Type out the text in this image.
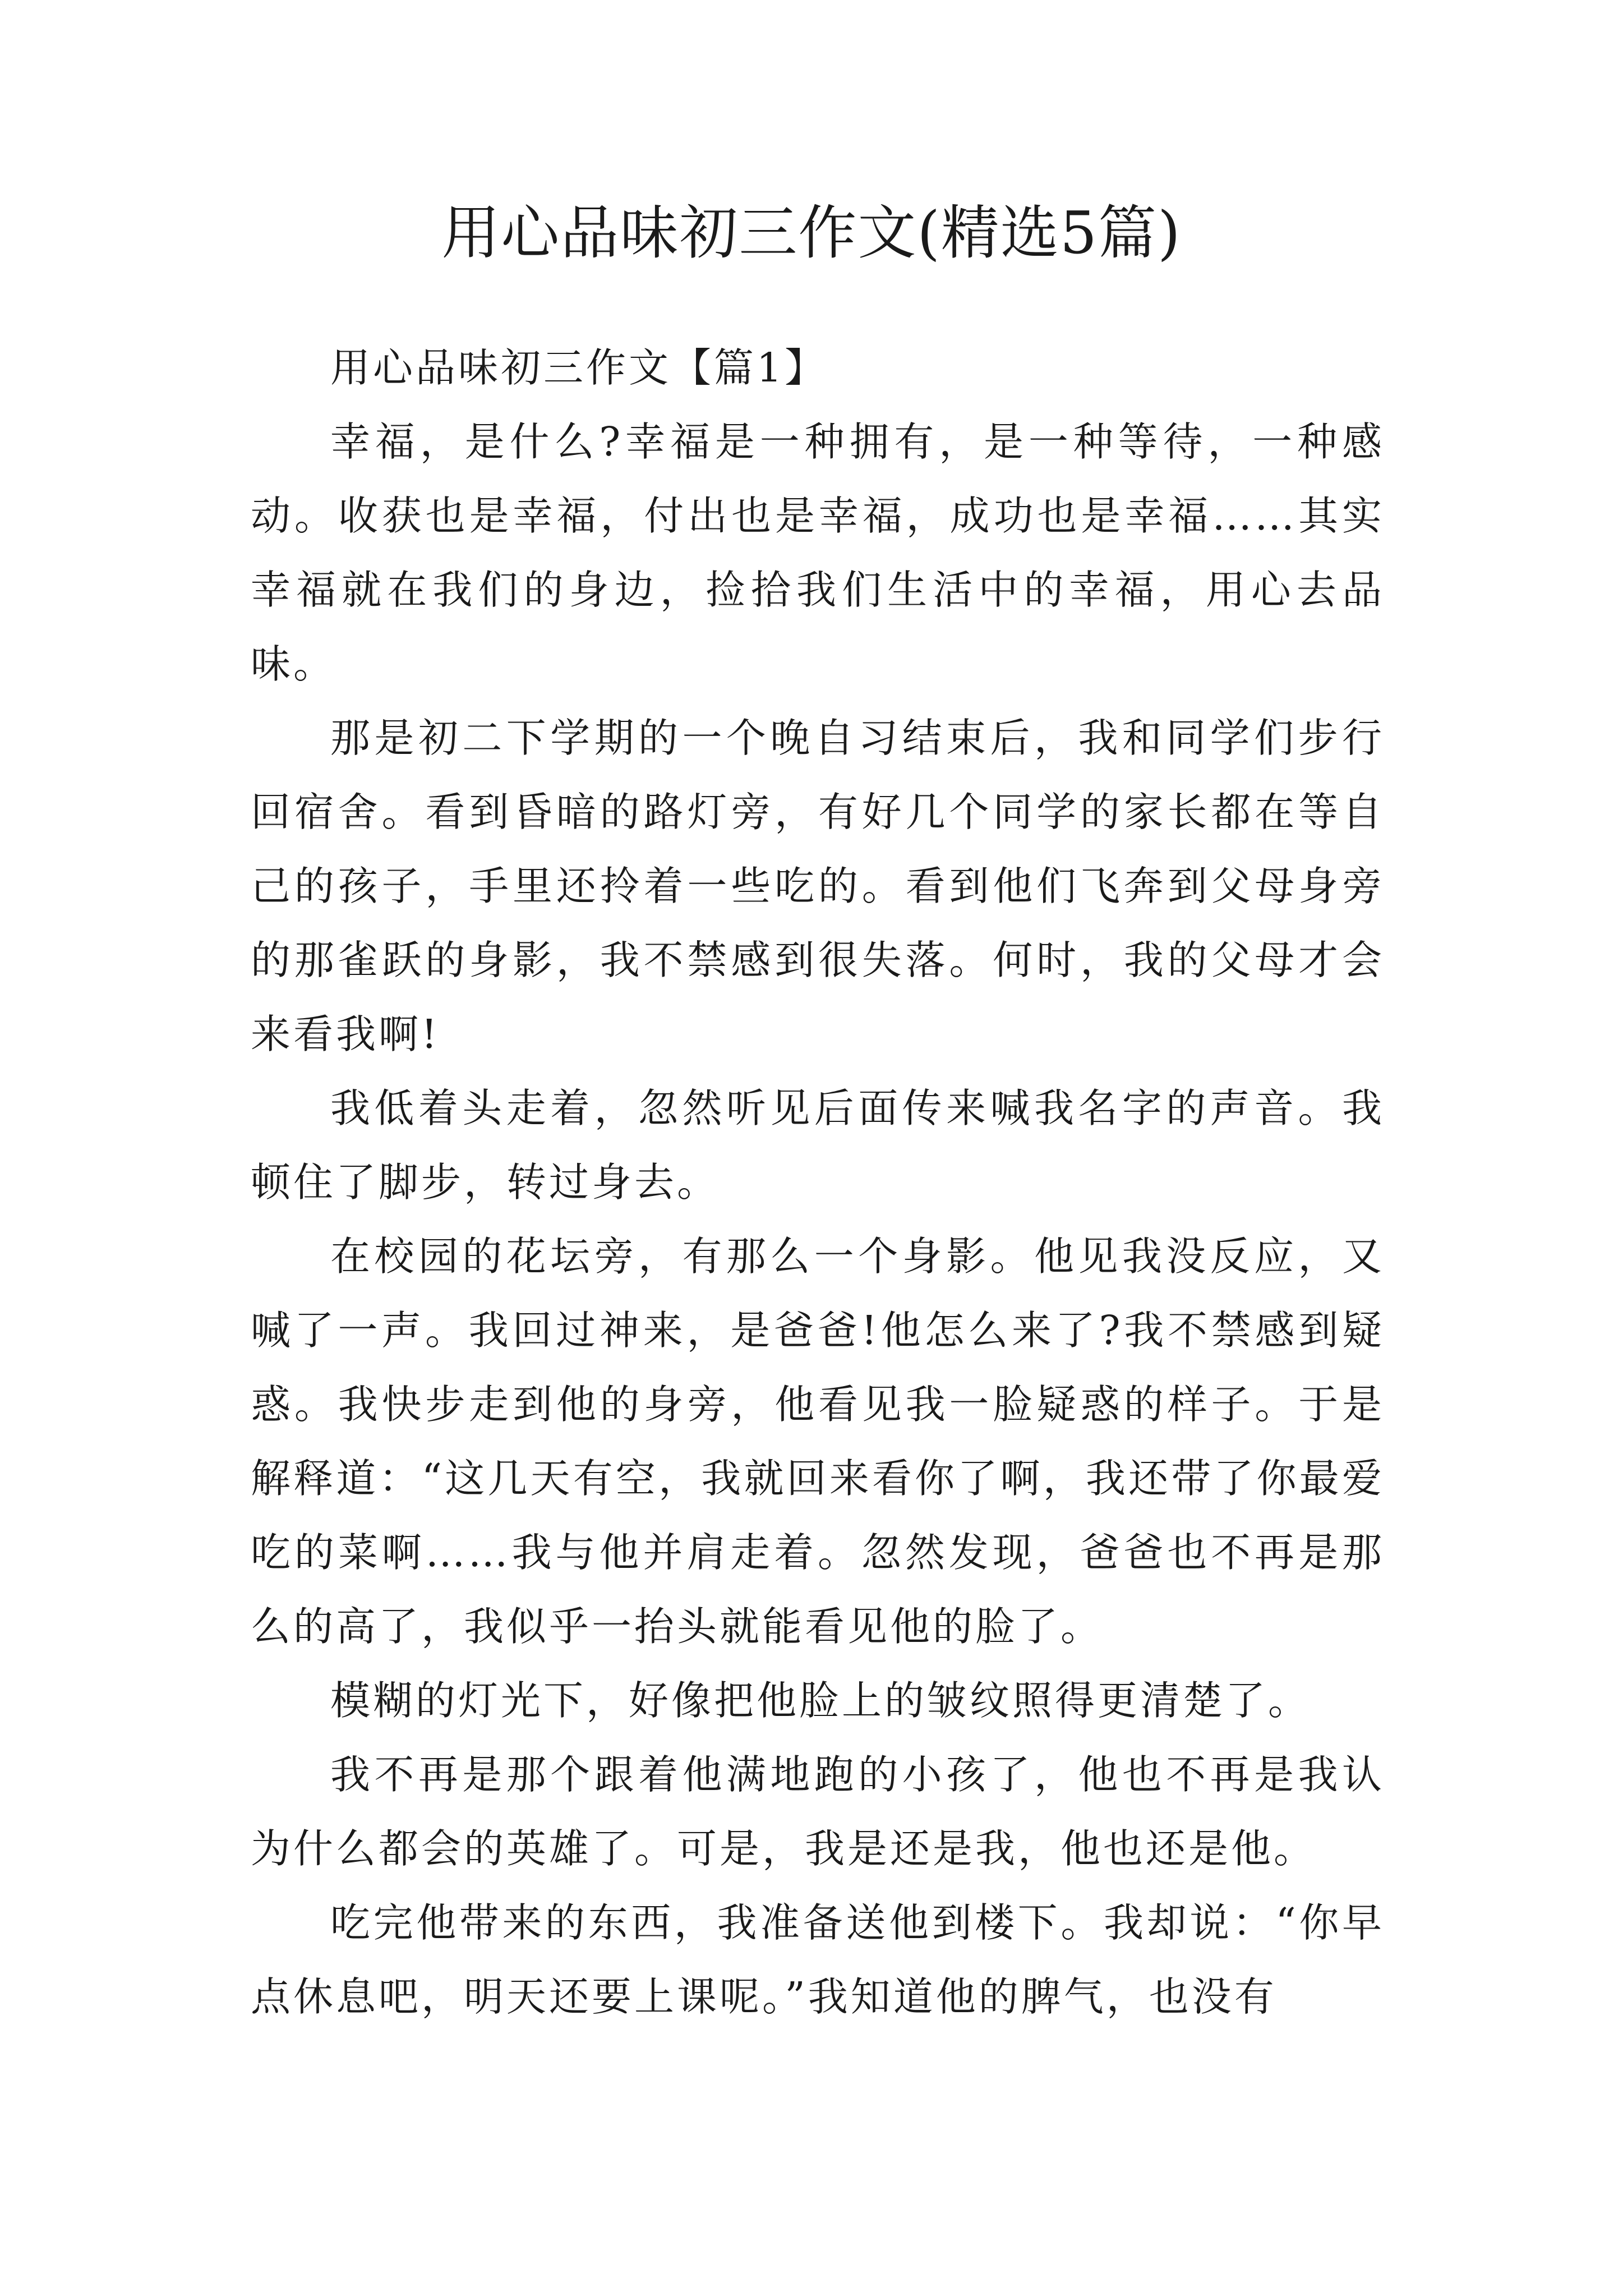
用心品味初三作文(精选5篇)

用心品味初三作文【篇1】

幸福，是什么?幸福是一种拥有，是一种等待，一种感动。收获也是幸福，付出也是幸福，成功也是幸福……其实幸福就在我们的身边，捡拾我们生活中的幸福，用心去品味。

那是初二下学期的一个晚自习结束后，我和同学们步行回宿舍。看到昏暗的路灯旁，有好几个同学的家长都在等自己的孩子，手里还拎着一些吃的。看到他们飞奔到父母身旁的那雀跃的身影，我不禁感到很失落。何时，我的父母才会来看我啊!

我低着头走着，忽然听见后面传来喊我名字的声音。我顿住了脚步，转过身去。

在校园的花坛旁，有那么一个身影。他见我没反应，又喊了一声。我回过神来，是爸爸!他怎么来了?我不禁感到疑惑。我快步走到他的身旁，他看见我一脸疑惑的样子。于是解释道：“这几天有空，我就回来看你了啊，我还带了你最爱吃的菜啊……我与他并肩走着。忽然发现，爸爸也不再是那么的高了，我似乎一抬头就能看见他的脸了。

模糊的灯光下，好像把他脸上的皱纹照得更清楚了。

我不再是那个跟着他满地跑的小孩了，他也不再是我认为什么都会的英雄了。可是，我是还是我，他也还是他。

吃完他带来的东西，我准备送他到楼下。我却说：“你早点休息吧，明天还要上课呢。”我知道他的脾气，也没有
